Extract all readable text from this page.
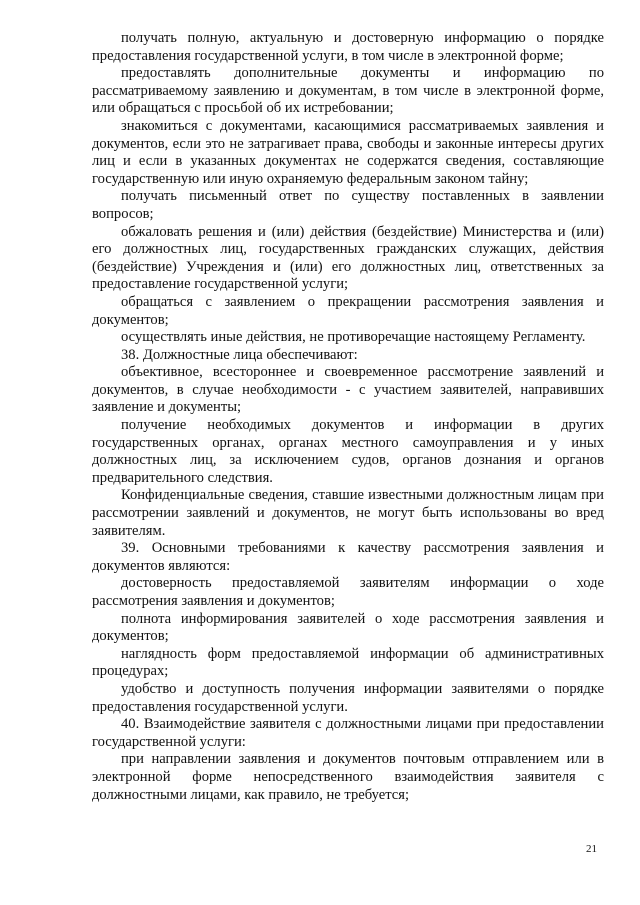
получать полную, актуальную и достоверную информацию о порядке предоставления государственной услуги, в том числе в электронной форме;

предоставлять дополнительные документы и информацию по рассматриваемому заявлению и документам, в том числе в электронной форме, или обращаться с просьбой об их истребовании;

знакомиться с документами, касающимися рассматриваемых заявления и документов, если это не затрагивает права, свободы и законные интересы других лиц и если в указанных документах не содержатся сведения, составляющие государственную или иную охраняемую федеральным законом тайну;

получать письменный ответ по существу поставленных в заявлении вопросов;

обжаловать решения и (или) действия (бездействие) Министерства и (или) его должностных лиц, государственных гражданских служащих, действия (бездействие) Учреждения и (или) его должностных лиц, ответственных за предоставление государственной услуги;

обращаться с заявлением о прекращении рассмотрения заявления и документов;

осуществлять иные действия, не противоречащие настоящему Регламенту.

38. Должностные лица обеспечивают:

объективное, всестороннее и своевременное рассмотрение заявлений и документов, в случае необходимости - с участием заявителей, направивших заявление и документы;

получение необходимых документов и информации в других государственных органах, органах местного самоуправления и у иных должностных лиц, за исключением судов, органов дознания и органов предварительного следствия.

Конфиденциальные сведения, ставшие известными должностным лицам при рассмотрении заявлений и документов, не могут быть использованы во вред заявителям.

39. Основными требованиями к качеству рассмотрения заявления и документов являются:

достоверность предоставляемой заявителям информации о ходе рассмотрения заявления и документов;

полнота информирования заявителей о ходе рассмотрения заявления и документов;

наглядность форм предоставляемой информации об административных процедурах;

удобство и доступность получения информации заявителями о порядке предоставления государственной услуги.

40. Взаимодействие заявителя с должностными лицами при предоставлении государственной услуги:

при направлении заявления и документов почтовым отправлением или в электронной форме непосредственного взаимодействия заявителя с должностными лицами, как правило, не требуется;

21
